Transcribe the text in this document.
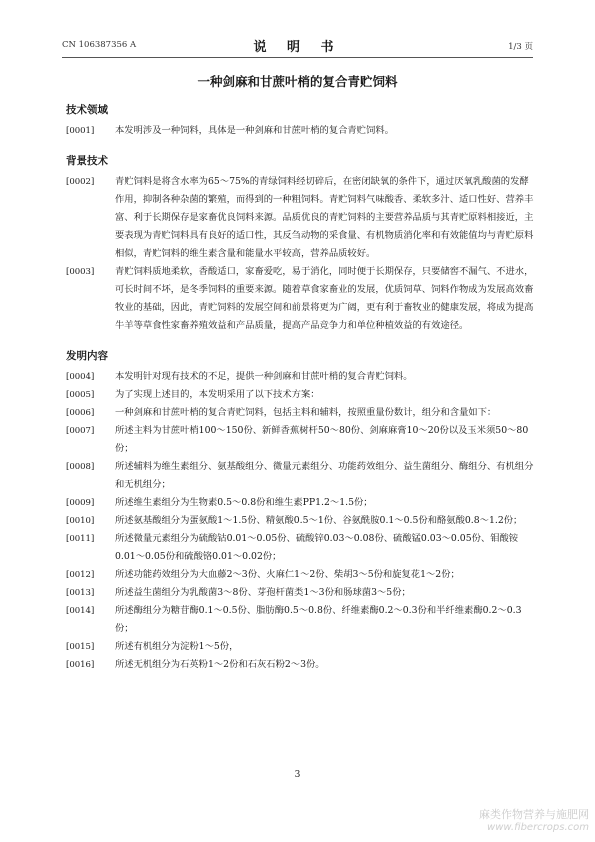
CN 106387356 A	说 明 书	1/3 页
一种剑麻和甘蔗叶梢的复合青贮饲料
技术领域
[0001]	本发明涉及一种饲料，具体是一种剑麻和甘蔗叶梢的复合青贮饲料。
背景技术
[0002]	青贮饲料是将含水率为65～75%的青绿饲料经切碎后，在密闭缺氧的条件下，通过厌氧乳酸菌的发酵作用，抑制各种杂菌的繁殖，而得到的一种粗饲料。青贮饲料气味酸香、柔软多汁、适口性好、营养丰富、利于长期保存是家畜优良饲料来源。品质优良的青贮饲料的主要营养品质与其青贮原料相接近，主要表现为青贮饲料具有良好的适口性，其反刍动物的采食量、有机物质消化率和有效能值均与青贮原料相似，青贮饲料的维生素含量和能量水平较高，营养品质较好。
[0003]	青贮饲料质地柔软，香酸适口，家畜爱吃，易于消化，同时便于长期保存，只要储窖不漏气、不进水，可长时间不坏，是冬季饲料的重要来源。随着草食家畜业的发展，优质饲草、饲料作物成为发展高效畜牧业的基础，因此，青贮饲料的发展空间和前景将更为广阔，更有利于畜牧业的健康发展，将成为提高牛羊等草食性家畜养殖效益和产品质量，提高产品竞争力和单位种植效益的有效途径。
发明内容
[0004]	本发明针对现有技术的不足，提供一种剑麻和甘蔗叶梢的复合青贮饲料。
[0005]	为了实现上述目的，本发明采用了以下技术方案：
[0006]	一种剑麻和甘蔗叶梢的复合青贮饲料，包括主料和辅料，按照重量份数计，组分和含量如下：
[0007]	所述主料为甘蔗叶梢100～150份、新鲜香蕉树杆50～80份、剑麻麻膏10～20份以及玉米须50～80份；
[0008]	所述辅料为维生素组分、氨基酸组分、微量元素组分、功能药效组分、益生菌组分、酶组分、有机组分和无机组分；
[0009]	所述维生素组分为生物素0.5～0.8份和维生素PP1.2～1.5份；
[0010]	所述氨基酸组分为蛋氨酸1～1.5份、精氨酸0.5～1份、谷氨酰胺0.1～0.5份和酪氨酸0.8～1.2份；
[0011]	所述微量元素组分为硫酸钴0.01～0.05份、硫酸锌0.03～0.08份、硫酸锰0.03～0.05份、钼酸铵0.01～0.05份和硫酸铬0.01～0.02份；
[0012]	所述功能药效组分为大血藤2～3份、火麻仁1～2份、柴胡3～5份和旋复花1～2份；
[0013]	所述益生菌组分为乳酸菌3～8份、芽孢杆菌类1～3份和肠球菌3～5份；
[0014]	所述酶组分为糖苷酶0.1～0.5份、脂肪酶0.5～0.8份、纤维素酶0.2～0.3份和半纤维素酶0.2～0.3份；
[0015]	所述有机组分为淀粉1～5份，
[0016]	所述无机组分为石英粉1～2份和石灰石粉2～3份。
3
麻类作物营养与施肥网
www.fibercrops.com
